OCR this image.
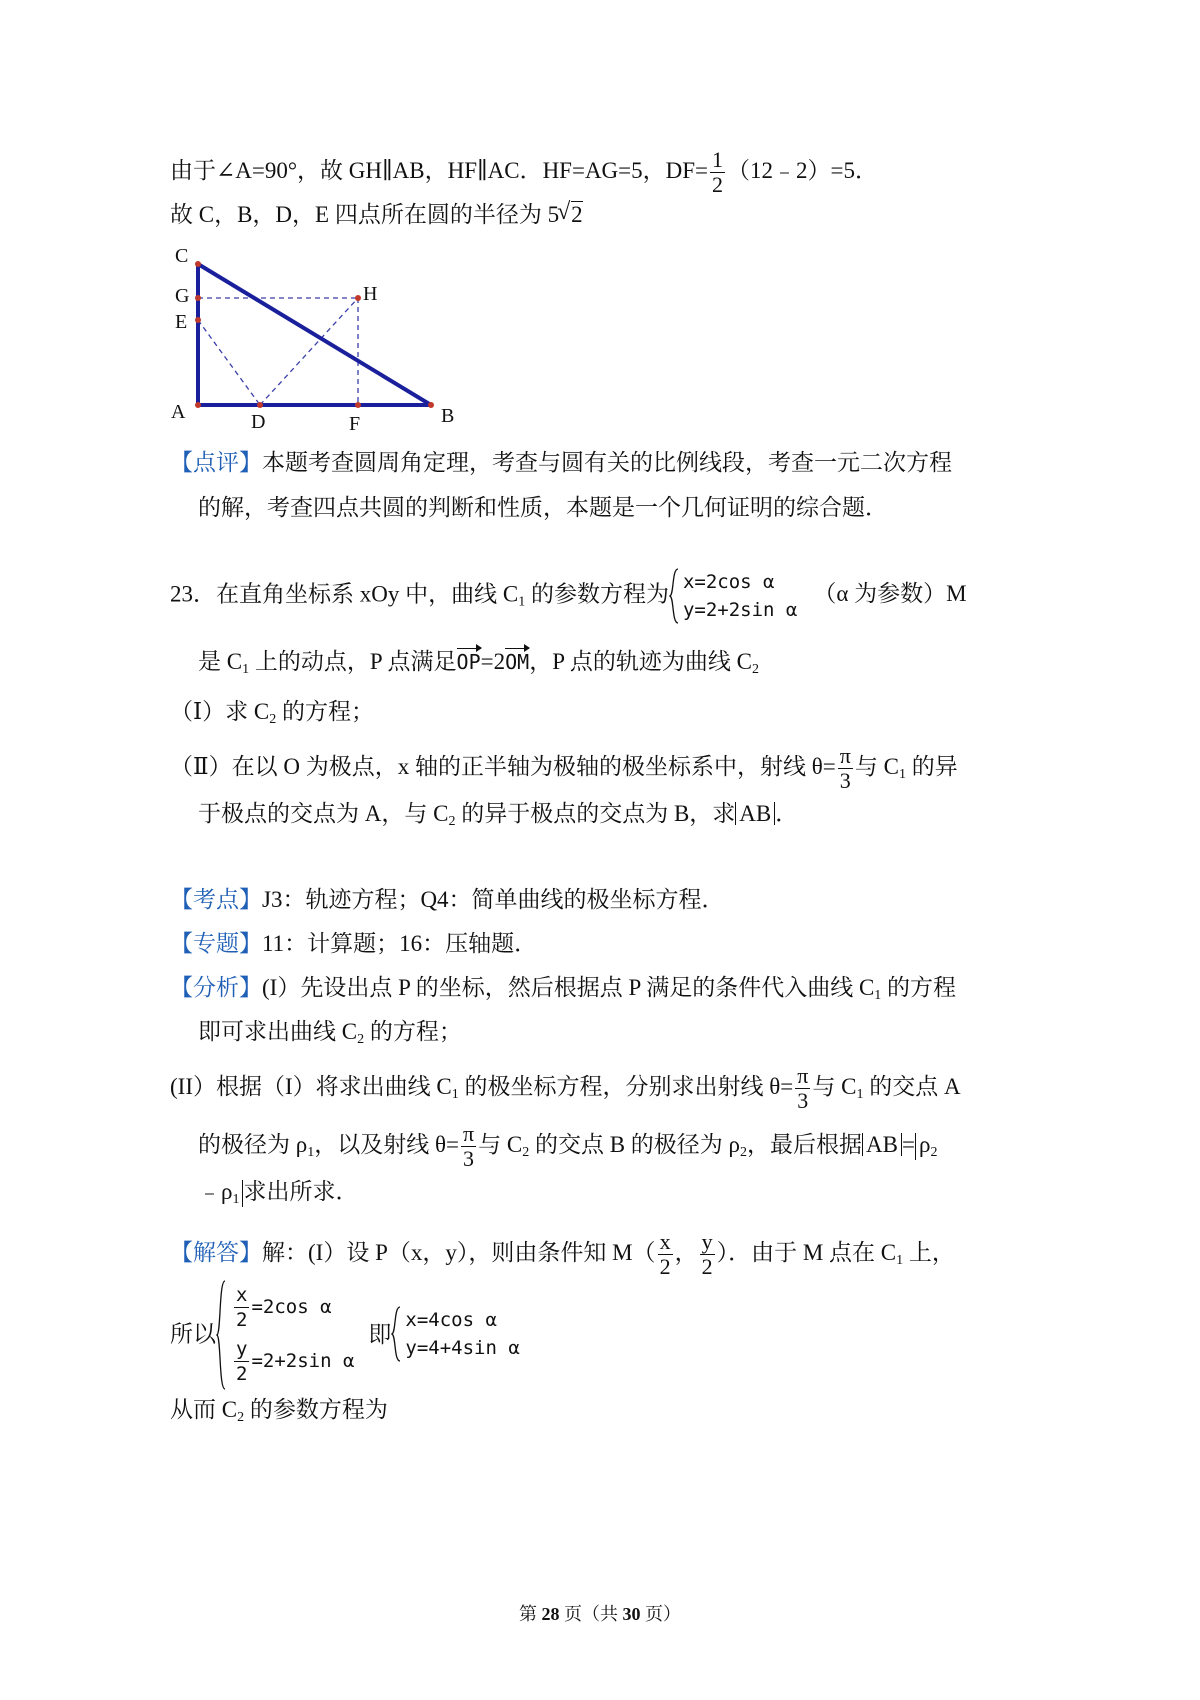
由于∠A=90°，故 GH∥AB，HF∥AC．HF=AG=5，$DF= \frac{1}{2}$ （12﹣2）=5．
故 C，B，D，E 四点所在圆的半径为 5√ 2
C
G
E
H
A	D	F	B
【点评】本题考查圆周角定理，考查与圆有关的比例线段，考查一元二次方程
的解，考查四点共圆的判断和性质，本题是一个几何证明的综合题．
23．在直角坐标系 xOy 中，曲线 $C_1$ 的参数方程为 x=2cos α
y=2+2sin α
（α 为参数）M
是 $C_1$ 上的动点，P 点满足OP=2OM，P 点的轨迹为曲线 $C_2$
（Ⅰ）求 $C_2$ 的方程；
（Ⅱ）在以 O 为极点，x 轴的正半轴为极轴的极坐标系中，射线 $\theta= \frac{\pi}{3}$ 与 $C_1$ 的异
于极点的交点为 A，与 $C_2$ 的异于极点的交点为 B，求 AB ．
【考点】J3：轨迹方程；Q4：简单曲线的极坐标方程．
【专题】11：计算题；16：压轴题．
【分析】(I）先设出点 P 的坐标，然后根据点 P 满足的条件代入曲线 $C_1$ 的方程
即可求出曲线 $C_2$ 的方程；
(II）根据（I）将求出曲线 $C_1$ 的极坐标方程，分别求出射线 $\theta= \frac{\pi}{3}$ 与 $C_1$ 的交点 A
的极径为 $\rho_1$，以及射线 $\theta= \frac{\pi}{3}$ 与 $C_2$ 的交点 B 的极径为 $\rho_2$，最后根据 AB = $\rho_2$
$﹣\rho_1$ 求出所求．
【解答】解：(I）设 P（x，y），则由条件知 $M( \frac{x}{2}$ ， $\frac{y}{2}$ ）．由于 M 点在 $C_1$ 上，
所以
$\frac{x}{2} =2\cos$ α
$\frac{y}{2} =2+2\sin$ α
即
x=4cos α
y=4+4sin α
从而 $C_2$ 的参数方程为
第 28 页（共 30 页）
